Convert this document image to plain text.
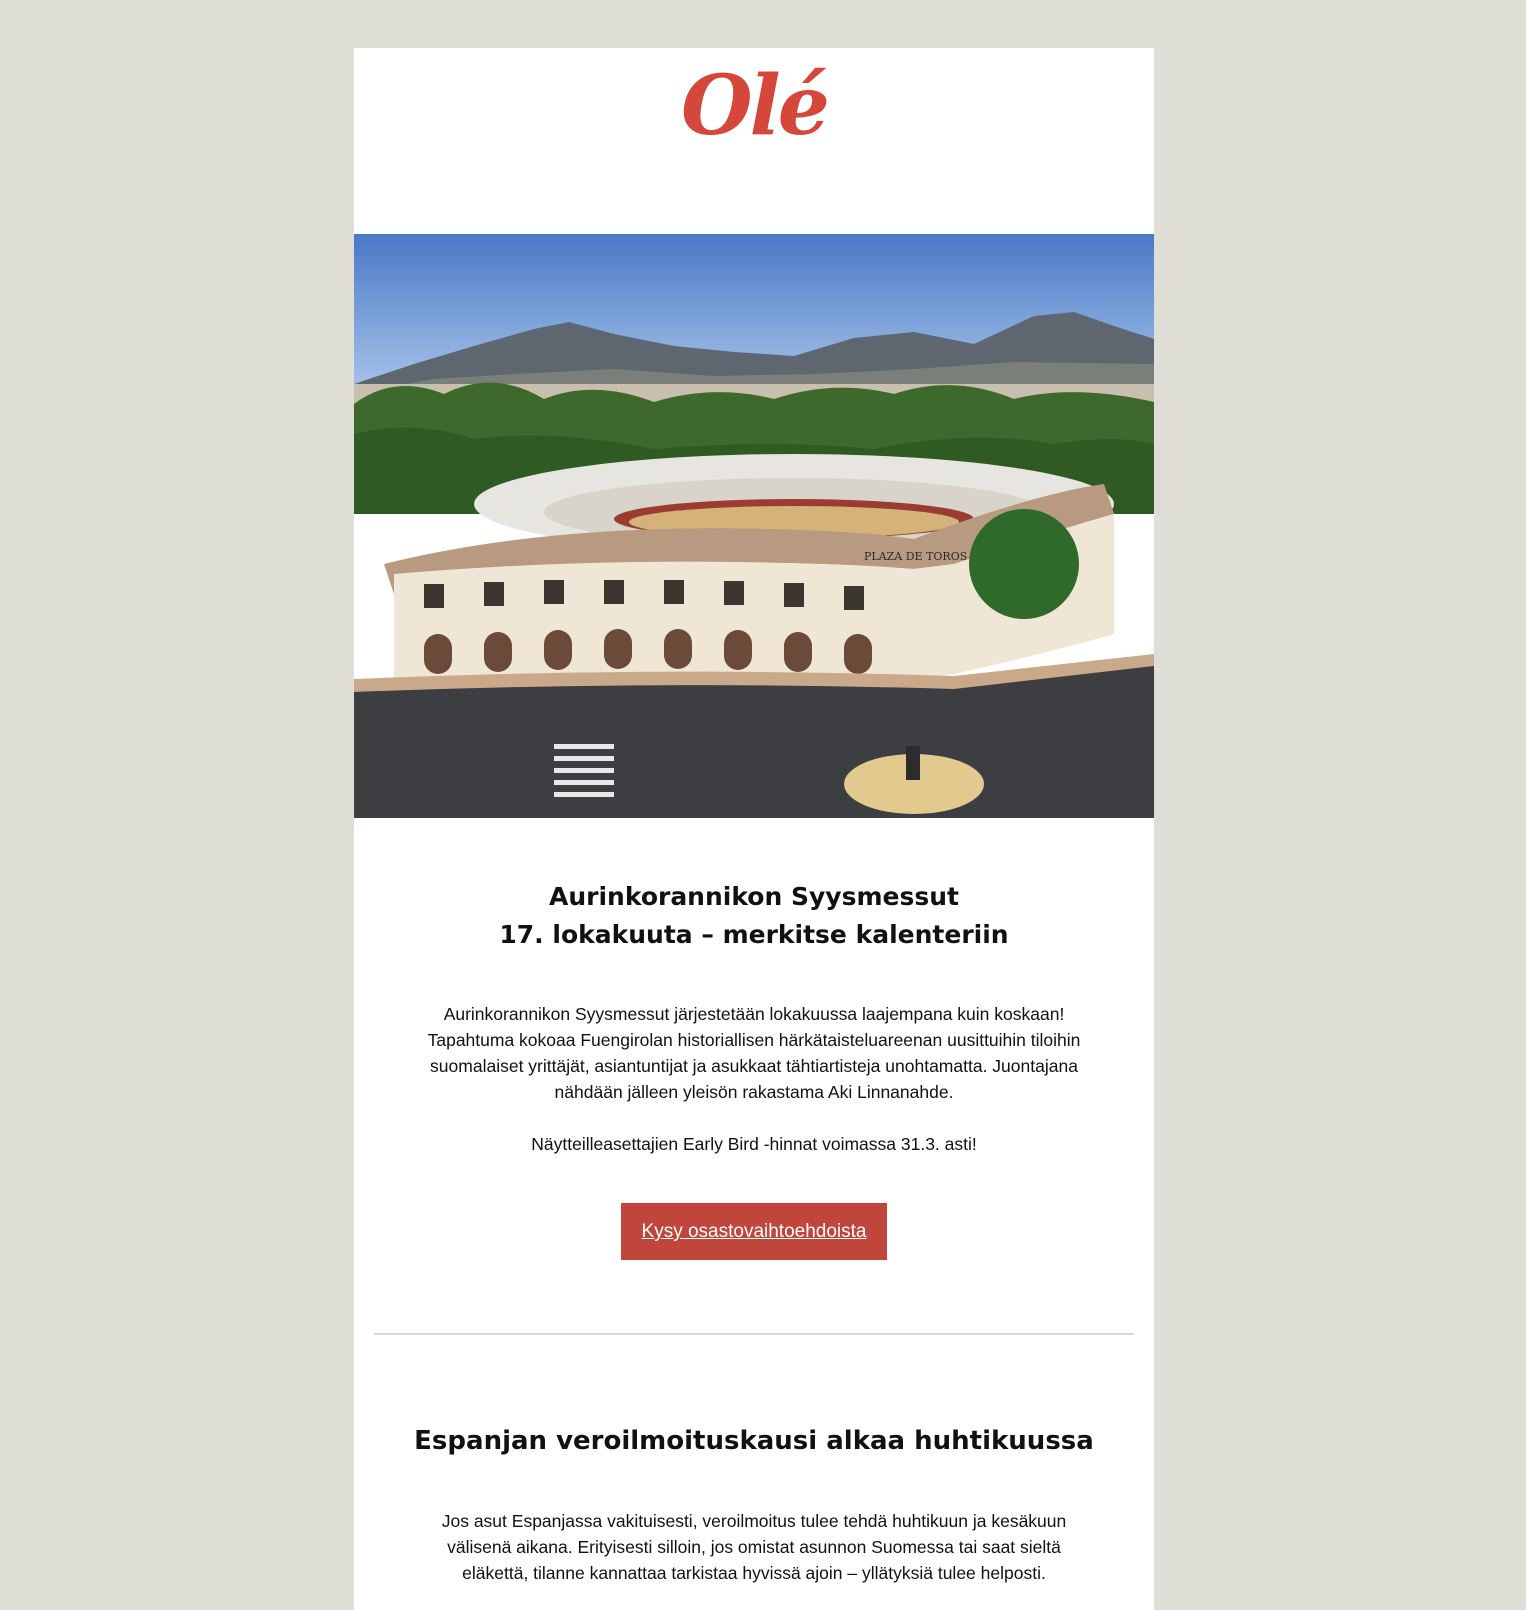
Olé
PLAZA DE TOROS
Aurinkorannikon Syysmessut
17. lokakuuta – merkitse kalenteriin

Aurinkorannikon Syysmessut järjestetään lokakuussa laajempana kuin koskaan!
Tapahtuma kokoaa Fuengirolan historiallisen härkätaisteluareenan uusittuihin tiloihin
suomalaiset yrittäjät, asiantuntijat ja asukkaat tähtiartisteja unohtamatta. Juontajana
nähdään jälleen yleisön rakastama Aki Linnanahde.

Näytteilleasettajien Early Bird -hinnat voimassa 31.3. asti!

Kysy osastovaihtoehdoista
Espanjan veroilmoituskausi alkaa huhtikuussa

Jos asut Espanjassa vakituisesti, veroilmoitus tulee tehdä huhtikuun ja kesäkuun
välisenä aikana. Erityisesti silloin, jos omistat asunnon Suomessa tai saat sieltä
eläkettä, tilanne kannattaa tarkistaa hyvissä ajoin – yllätyksiä tulee helposti.
